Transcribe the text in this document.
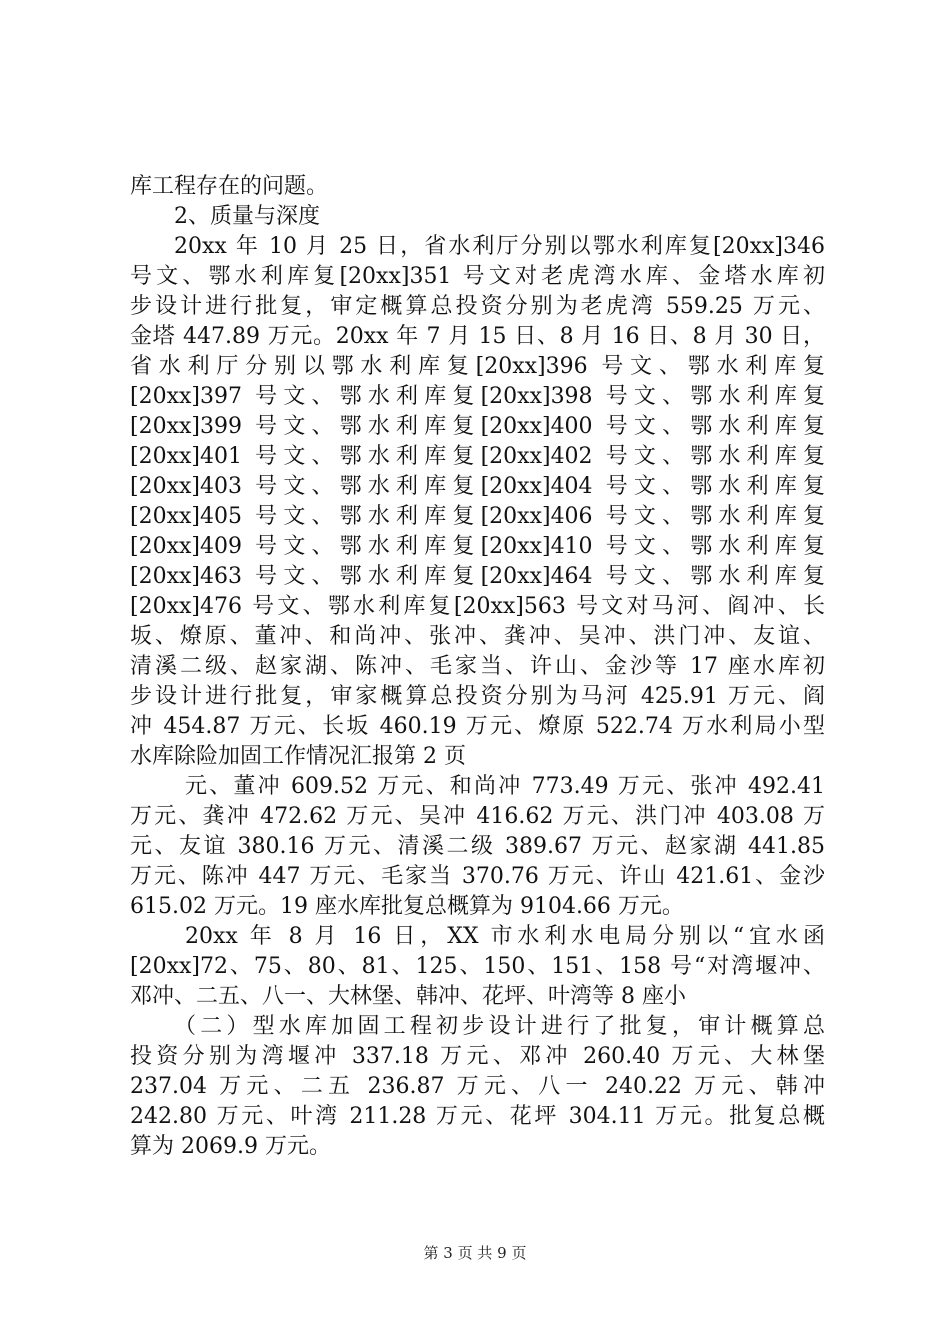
库工程存在的问题。
2、质量与深度
20xx 年 10 月 25 日，省水利厅分别以鄂水利库复[20xx]346
号文、鄂水利库复[20xx]351 号文对老虎湾水库、金塔水库初
步设计进行批复，审定概算总投资分别为老虎湾 559.25 万元、
金塔 447.89 万元。20xx 年 7 月 15 日、8 月 16 日、8 月 30 日，
省水利厅分别以鄂水利库复[20xx]396 号文、鄂水利库复
[20xx]397 号文、鄂水利库复[20xx]398 号文、鄂水利库复
[20xx]399 号文、鄂水利库复[20xx]400 号文、鄂水利库复
[20xx]401 号文、鄂水利库复[20xx]402 号文、鄂水利库复
[20xx]403 号文、鄂水利库复[20xx]404 号文、鄂水利库复
[20xx]405 号文、鄂水利库复[20xx]406 号文、鄂水利库复
[20xx]409 号文、鄂水利库复[20xx]410 号文、鄂水利库复
[20xx]463 号文、鄂水利库复[20xx]464 号文、鄂水利库复
[20xx]476 号文、鄂水利库复[20xx]563 号文对马河、阎冲、长
坂、燎原、董冲、和尚冲、张冲、龚冲、吴冲、洪门冲、友谊、
清溪二级、赵家湖、陈冲、毛家当、许山、金沙等 17 座水库初
步设计进行批复，审家概算总投资分别为马河 425.91 万元、阎
冲 454.87 万元、长坂 460.19 万元、燎原 522.74 万水利局小型
水库除险加固工作情况汇报第 2 页
元、董冲 609.52 万元、和尚冲 773.49 万元、张冲 492.41
万元、龚冲 472.62 万元、吴冲 416.62 万元、洪门冲 403.08 万
元、友谊 380.16 万元、清溪二级 389.67 万元、赵家湖 441.85
万元、陈冲 447 万元、毛家当 370.76 万元、许山 421.61、金沙
615.02 万元。19 座水库批复总概算为 9104.66 万元。
20xx 年 8 月 16 日，XX 市水利水电局分别以“宜水函
[20xx]72、75、80、81、125、150、151、158 号“对湾堰冲、
邓冲、二五、八一、大林堡、韩冲、花坪、叶湾等 8 座小
（二）型水库加固工程初步设计进行了批复，审计概算总
投资分别为湾堰冲 337.18 万元、邓冲 260.40 万元、大林堡
237.04 万元、二五 236.87 万元、八一 240.22 万元、韩冲
242.80 万元、叶湾 211.28 万元、花坪 304.11 万元。批复总概
算为 2069.9 万元。
第 3 页 共 9 页
